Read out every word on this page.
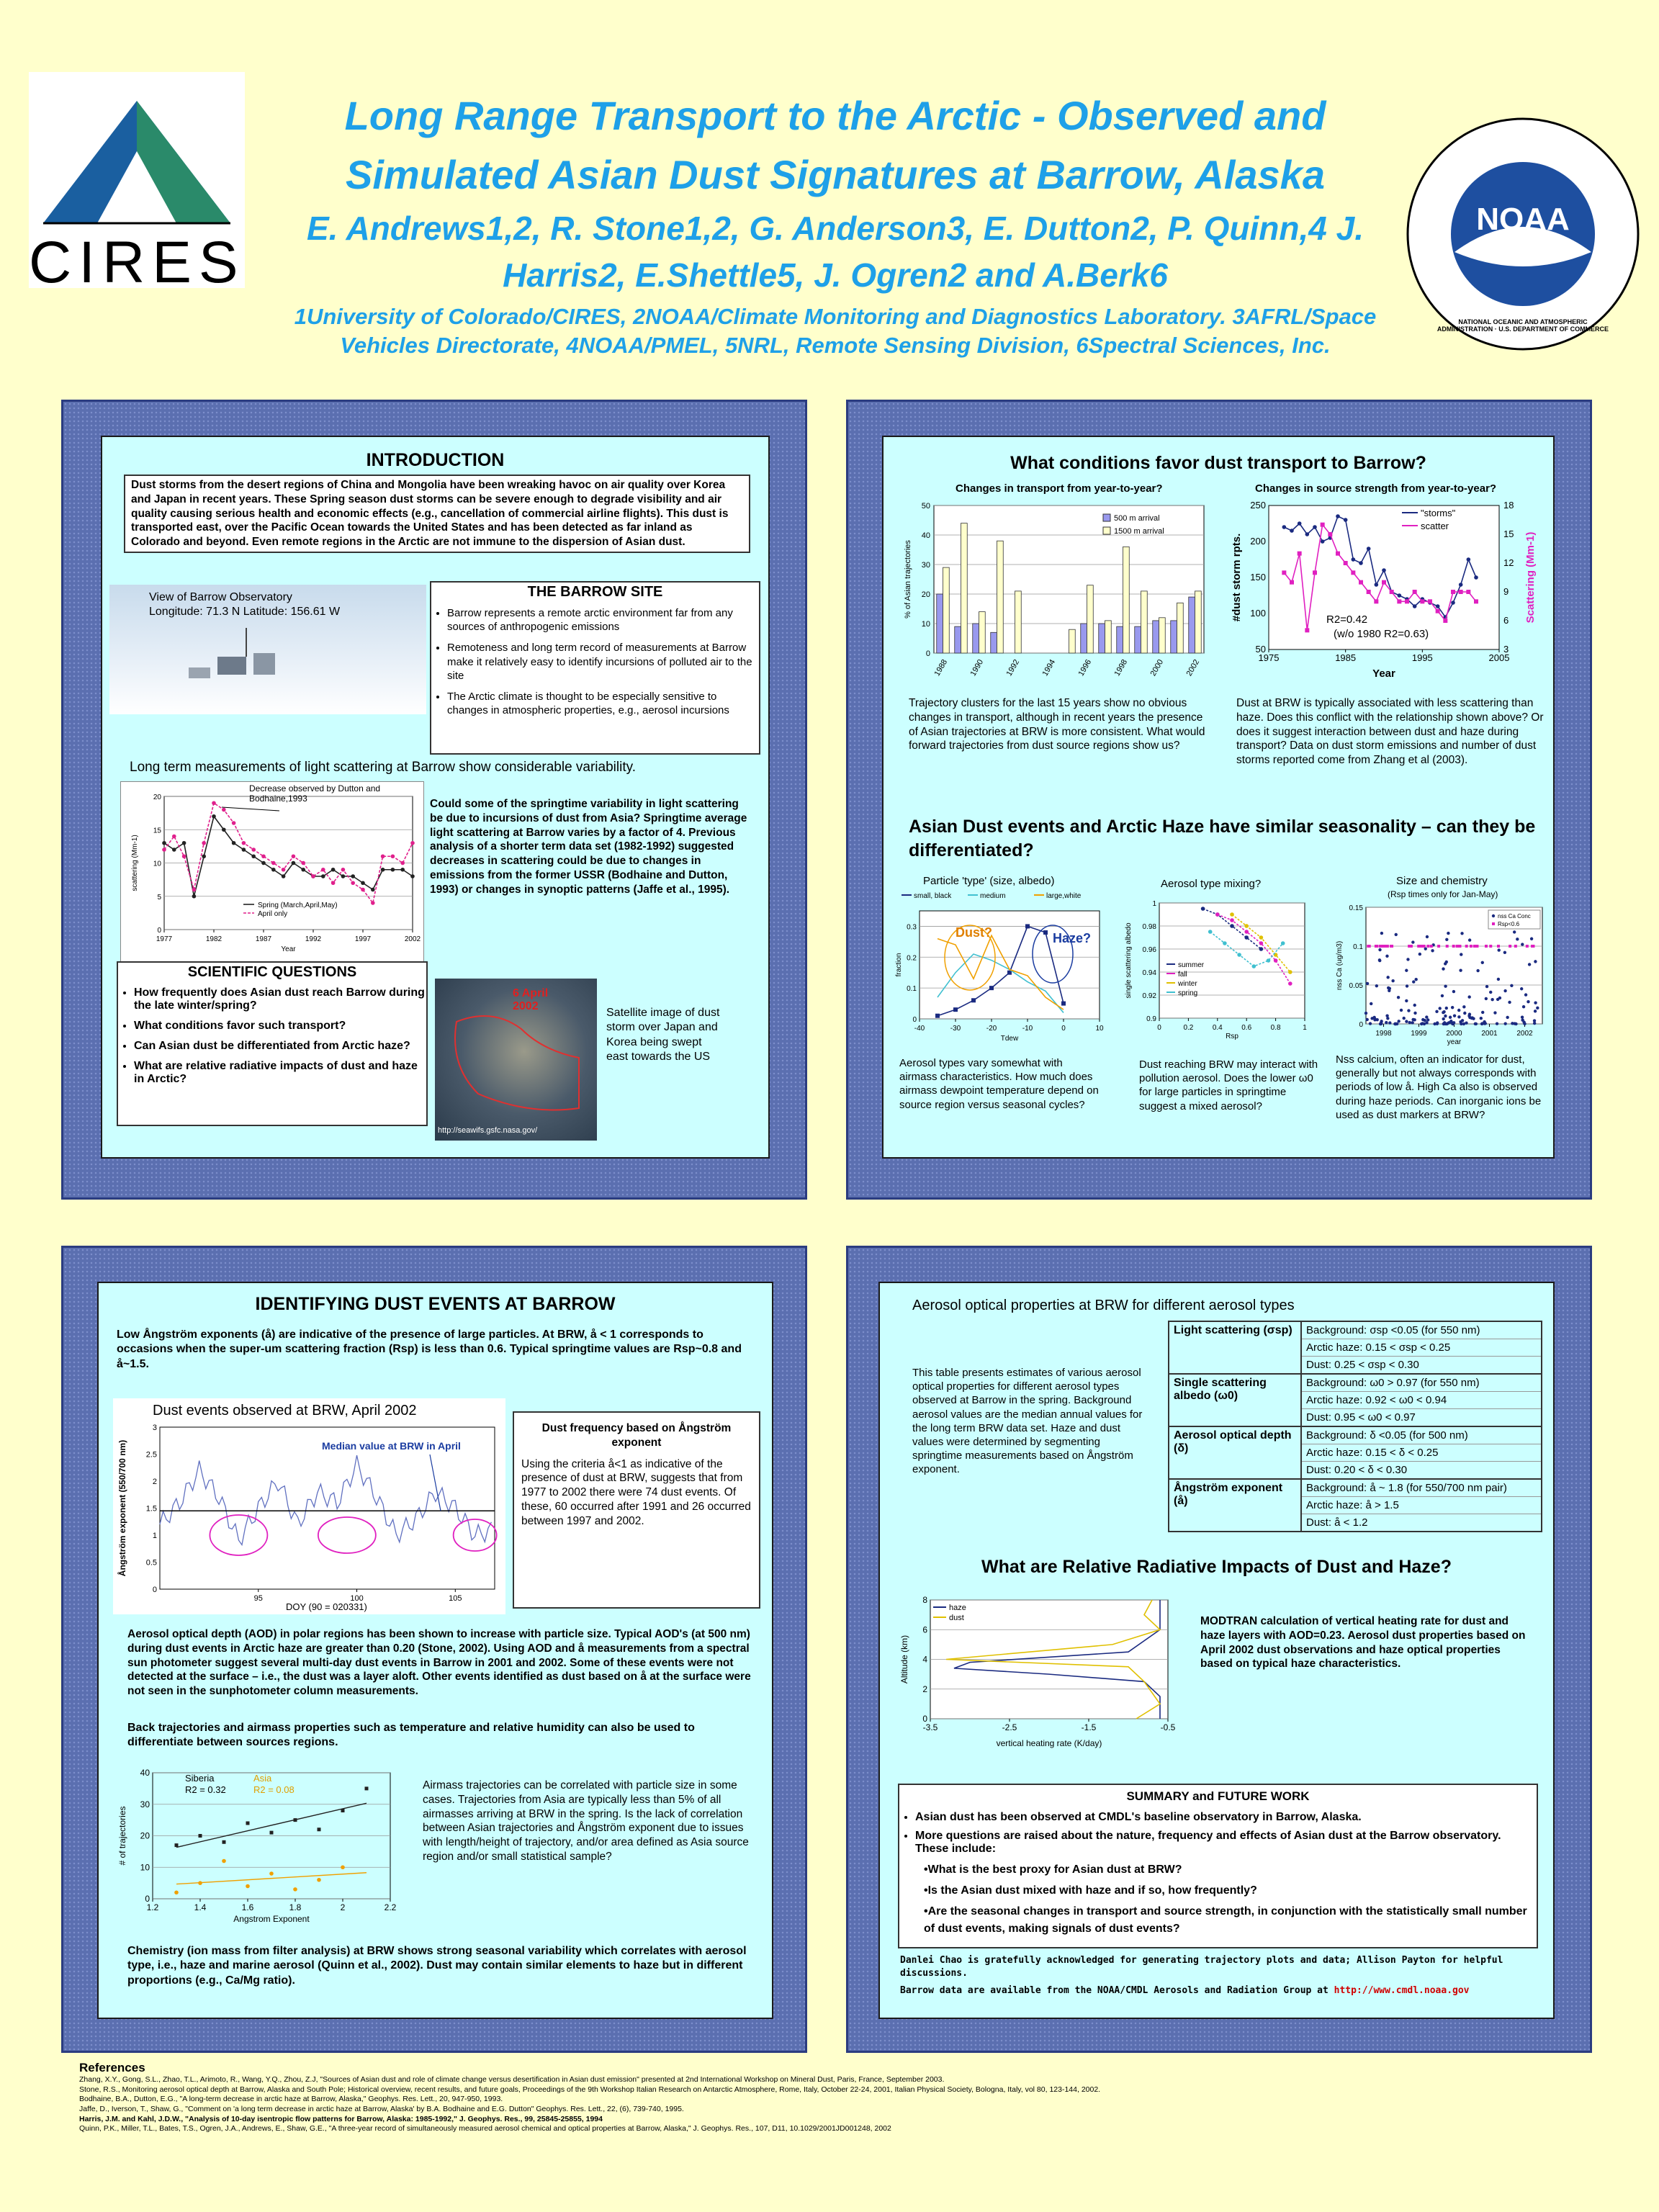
CIRES
Long Range Transport to the Arctic - Observed and
Simulated Asian Dust Signatures at Barrow, Alaska
E. Andrews1,2, R. Stone1,2, G. Anderson3, E. Dutton2, P. Quinn,4 J.
Harris2, E.Shettle5, J. Ogren2 and A.Berk6
1University of Colorado/CIRES, 2NOAA/Climate Monitoring and Diagnostics Laboratory. 3AFRL/Space
Vehicles Directorate, 4NOAA/PMEL, 5NRL, Remote Sensing Division, 6Spectral Sciences, Inc.
NOAA
NATIONAL OCEANIC AND ATMOSPHERIC ADMINISTRATION · U.S. DEPARTMENT OF COMMERCE
INTRODUCTION
Dust storms from the desert regions of China and Mongolia have been wreaking havoc on air quality over Korea and Japan in recent years. These Spring season dust storms can be severe enough to degrade visibility and air quality causing serious health and economic effects (e.g., cancellation of commercial airline flights). This dust is transported east, over the Pacific Ocean towards the United States and has been detected as far inland as Colorado and beyond. Even remote regions in the Arctic are not immune to the dispersion of Asian dust.
View of Barrow Observatory
Longitude: 71.3 N Latitude: 156.61 W
THE BARROW SITE
• Barrow represents a remote arctic environment far from any sources of anthropogenic emissions
• Remoteness and long term record of measurements at Barrow make it relatively easy to identify incursions of polluted air to the site
• The Arctic climate is thought to be especially sensitive to changes in atmospheric properties, e.g., aerosol incursions
Long term measurements of light scattering at Barrow show considerable variability.
0
5
10
15
20
1977	1982	1987	1992	1997	2002
Year
scattering (Mm-1)
Spring (March,April,May)
April only
Decrease observed by Dutton and Bodhaine,1993	Could some of the springtime variability in light scattering be due to incursions of dust from Asia? Springtime average light scattering at Barrow varies by a factor of 4. Previous analysis of a shorter term data set (1982-1992) suggested decreases in scattering could be due to changes in emissions from the former USSR (Bodhaine and Dutton, 1993) or changes in synoptic patterns (Jaffe et al., 1995).
SCIENTIFIC QUESTIONS
• How frequently does Asian dust reach Barrow during the late winter/spring?
• What conditions favor such transport?
• Can Asian dust be differentiated from Arctic haze?
• What are relative radiative impacts of dust and haze in Arctic?
6 April 2002
http://seawifs.gsfc.nasa.gov/
Satellite image of dust storm over Japan and Korea being swept east towards the US
What conditions favor dust transport to Barrow?
Changes in transport from year-to-year?	Changes in source strength from year-to-year?
0
10
20
30
40
50
1988 1990 1992 1994 1996 1998 2000 2002
% of Asian trajectories
500 m arrival
1500 m arrival
50
100
150
200
250
1975	1985	1995	2005
Year
#dust storm rpts.
3
6
9
12
15
18
Scattering (Mm-1)
"storms"
scatter
R2=0.42
(w/o 1980 R2=0.63)
Trajectory clusters for the last 15 years show no obvious changes in transport, although in recent years the presence of Asian trajectories at BRW is more consistent. What would forward trajectories from dust source regions show us?
Dust at BRW is typically associated with less scattering than haze. Does this conflict with the relationship shown above? Or does it suggest interaction between dust and haze during transport? Data on dust storm emissions and number of dust storms reported come from Zhang et al (2003).
Asian Dust events and Arctic Haze have similar seasonality – can they be differentiated?
Particle 'type' (size, albedo)	Aerosol type mixing?	Size and chemistry
(Rsp times only for Jan-May)
0
0.1
0.2
0.3
-40	-30	-20	-10	0	10
Tdew
fraction
small, black	medium	large,white
Dust?	Haze?
0.9
0.92
0.94
0.96
0.98
1
0	0.2	0.4	0.6	0.8	1
Rsp
single scattering albedo	summer
fall
winter
spring
0
0.05
0.1
0.15
1998	1999	2000	2001	2002
year
nss Ca (ug/m3)
nss Ca Conc
Rsp<0.6
Aerosol types vary somewhat with airmass characteristics. How much does airmass dewpoint temperature depend on source region versus seasonal cycles?
Dust reaching BRW may interact with pollution aerosol. Does the lower ω0 for large particles in springtime suggest a mixed aerosol?
Nss calcium, often an indicator for dust, generally but not always corresponds with periods of low å. High Ca also is observed during haze periods. Can inorganic ions be used as dust markers at BRW?
IDENTIFYING DUST EVENTS AT BARROW
Low Ångström exponents (å) are indicative of the presence of large particles. At BRW, å < 1 corresponds to occasions when the super-um scattering fraction (Rsp) is less than 0.6. Typical springtime values are Rsp~0.8 and å~1.5.
0
0.5
1
1.5
2
2.5
3
95	100	105
Ångström exponent (550/700 nm)
Dust events observed at BRW, April 2002
Median value at BRW in April
DOY (90 = 020331)
Dust frequency based on Ångström exponent
Using the criteria å<1 as indicative of the presence of dust at BRW, suggests that from 1977 to 2002 there were 74 dust events. Of these, 60 occurred after 1991 and 26 occurred between 1997 and 2002.
Aerosol optical depth (AOD) in polar regions has been shown to increase with particle size. Typical AOD's (at 500 nm) during dust events in Arctic haze are greater than 0.20 (Stone, 2002). Using AOD and å measurements from a spectral sun photometer suggest several multi-day dust events in Barrow in 2001 and 2002. Some of these events were not detected at the surface – i.e., the dust was a layer aloft. Other events identified as dust based on å at the surface were not seen in the sunphotometer column measurements.
Back trajectories and airmass properties such as temperature and relative humidity can also be used to differentiate between sources regions.
0
10
20
30
40
1.2	1.4	1.6	1.8	2	2.2
Angstrom Exponent
# of trajectories
Siberia
R2 = 0.32
Asia
R2 = 0.08	Airmass trajectories can be correlated with particle size in some cases. Trajectories from Asia are typically less than 5% of all airmasses arriving at BRW in the spring. Is the lack of correlation between Asian trajectories and Ångström exponent due to issues with length/height of trajectory, and/or area defined as Asia source region and/or small statistical sample?
Chemistry (ion mass from filter analysis) at BRW shows strong seasonal variability which correlates with aerosol type, i.e., haze and marine aerosol (Quinn et al., 2002). Dust may contain similar elements to haze but in different proportions (e.g., Ca/Mg ratio).
Aerosol optical properties at BRW for different aerosol types
This table presents estimates of various aerosol optical properties for different aerosol types observed at Barrow in the spring. Background aerosol values are the median annual values for the long term BRW data set. Haze and dust values were determined by segmenting springtime measurements based on Ångström exponent.
Light scattering (σsp)	Background: σsp <0.05 (for 550 nm)
	Arctic haze: 0.15 < σsp < 0.25
	Dust: 0.25 < σsp < 0.30
Single scattering albedo (ω0)	Background: ω0 > 0.97 (for 550 nm)
	Arctic haze: 0.92 < ω0 < 0.94
	Dust: 0.95 < ω0 < 0.97
Aerosol optical depth (δ)	Background: δ <0.05 (for 500 nm)
	Arctic haze: 0.15 < δ < 0.25
	Dust: 0.20 < δ < 0.30
Ångström exponent (å)	Background: å ~ 1.8 (for 550/700 nm pair)
	Arctic haze: å > 1.5
	Dust: å < 1.2
What are Relative Radiative Impacts of Dust and Haze?
0
2
4
6
8
-3.5	-2.5	-1.5	-0.5
vertical heating rate (K/day)
Altitude (km)
haze
dust	MODTRAN calculation of vertical heating rate for dust and haze layers with AOD=0.23. Aerosol dust properties based on April 2002 dust observations and haze optical properties based on typical haze characteristics.
SUMMARY and FUTURE WORK
• Asian dust has been observed at CMDL's baseline observatory in Barrow, Alaska.
• More questions are raised about the nature, frequency and effects of Asian dust at the Barrow observatory. These include:
•What is the best proxy for Asian dust at BRW?
•Is the Asian dust mixed with haze and if so, how frequently?
•Are the seasonal changes in transport and source strength, in conjunction with the statistically small number of dust events, making signals of dust events?
Danlei Chao is gratefully acknowledged for generating trajectory plots and data; Allison Payton for helpful discussions.
Barrow data are available from the NOAA/CMDL Aerosols and Radiation Group at http://www.cmdl.noaa.gov
References
Zhang, X.Y., Gong, S.L., Zhao, T.L., Arimoto, R., Wang, Y.Q., Zhou, Z.J, "Sources of Asian dust and role of climate change versus desertification in Asian dust emission" presented at 2nd International Workshop on Mineral Dust, Paris, France, September 2003.
Stone, R.S., Monitoring aerosol optical depth at Barrow, Alaska and South Pole; Historical overview, recent results, and future goals, Proceedings of the 9th Workshop Italian Research on Antarctic Atmosphere, Rome, Italy, October 22-24, 2001, Italian Physical Society, Bologna, Italy, vol 80, 123-144, 2002.
Bodhaine, B.A., Dutton, E.G., "A long-term decrease in arctic haze at Barrow, Alaska," Geophys. Res. Lett., 20, 947-950, 1993.
Jaffe, D., Iverson, T., Shaw, G., "Comment on 'a long term decrease in arctic haze at Barrow, Alaska' by B.A. Bodhaine and E.G. Dutton" Geophys. Res. Lett., 22, (6), 739-740, 1995.
Harris, J.M. and Kahl, J.D.W., "Analysis of 10-day isentropic flow patterns for Barrow, Alaska: 1985-1992," J. Geophys. Res., 99, 25845-25855, 1994
Quinn, P.K., Miller, T.L., Bates, T.S., Ogren, J.A., Andrews, E., Shaw, G.E., "A three-year record of simultaneously measured aerosol chemical and optical properties at Barrow, Alaska," J. Geophys. Res., 107, D11, 10.1029/2001JD001248, 2002
